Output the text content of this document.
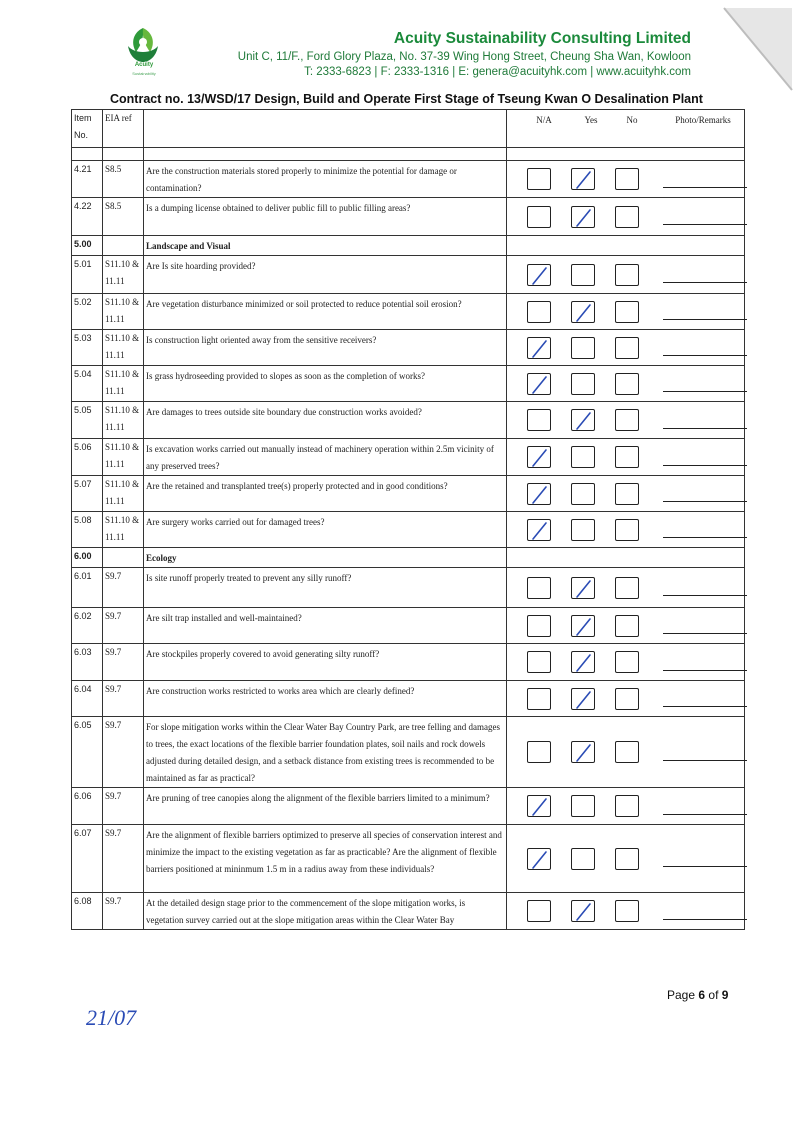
Acuity
Sustainability
Acuity Sustainability Consulting Limited
Unit C, 11/F., Ford Glory Plaza, No. 37-39 Wing Hong Street, Cheung Sha Wan, Kowloon
T: 2333-6823 | F: 2333-1316 | E: genera@acuityhk.com | www.acuityhk.com
Contract no. 13/WSD/17 Design, Build and Operate First Stage of Tseung Kwan O Desalination Plant
Item No.	EIA ref		N/A Yes No Photo/Remarks

4.21	S8.5	Are the construction materials stored properly to minimize the potential for damage or contamination?	

4.22	S8.5	Is a dumping license obtained to deliver public fill to public filling areas?	

5.00		Landscape and Visual	
5.01	S11.10 & 11.11	Are Is site hoarding provided?	

5.02	S11.10 & 11.11	Are vegetation disturbance minimized or soil protected to reduce potential soil erosion?	

5.03	S11.10 & 11.11	Is construction light oriented away from the sensitive receivers?	

5.04	S11.10 & 11.11	Is grass hydroseeding provided to slopes as soon as the completion of works?	

5.05	S11.10 & 11.11	Are damages to trees outside site boundary due construction works avoided?	

5.06	S11.10 & 11.11	Is excavation works carried out manually instead of machinery operation within 2.5m vicinity of any preserved trees?	

5.07	S11.10 & 11.11	Are the retained and transplanted tree(s) properly protected and in good conditions?	

5.08	S11.10 & 11.11	Are surgery works carried out for damaged trees?	

6.00		Ecology	
6.01	S9.7	Is site runoff properly treated to prevent any silly runoff?	

6.02	S9.7	Are silt trap installed and well-maintained?	

6.03	S9.7	Are stockpiles properly covered to avoid generating silty runoff?	

6.04	S9.7	Are construction works restricted to works area which are clearly defined?	

6.05	S9.7	For slope mitigation works within the Clear Water Bay Country Park, are tree felling and damages to trees, the exact locations of the flexible barrier foundation plates, soil nails and rock dowels adjusted during detailed design, and a setback distance from existing trees is recommended to be maintained as far as practical?	

6.06	S9.7	Are pruning of tree canopies along the alignment of the flexible barriers limited to a minimum?	

6.07	S9.7	Are the alignment of flexible barriers optimized to preserve all species of conservation interest and minimize the impact to the existing vegetation as far as practicable? Are the alignment of flexible barriers positioned at mininmum 1.5 m in a radius away from these individuals?	

6.08	S9.7	At the detailed design stage prior to the commencement of the slope mitigation works, is vegetation survey carried out at the slope mitigation areas within the Clear Water Bay	
Page 6 of 9
21/07
